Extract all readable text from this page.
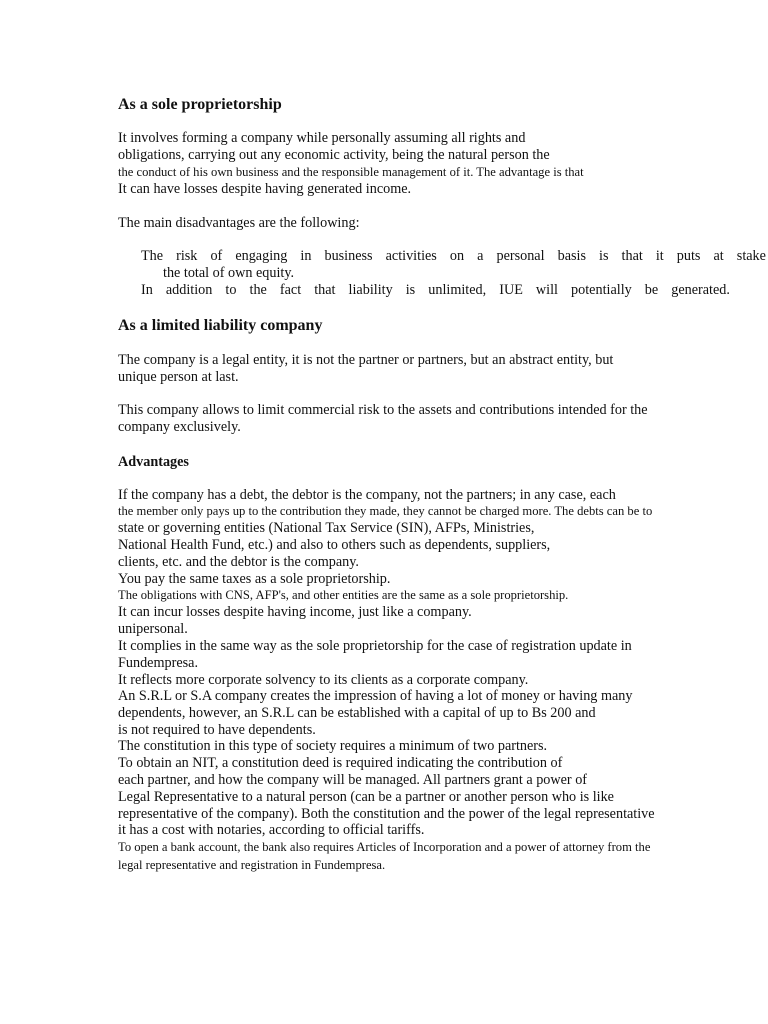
As a sole proprietorship
It involves forming a company while personally assuming all rights and
obligations, carrying out any economic activity, being the natural person the
the conduct of his own business and the responsible management of it. The advantage is that
It can have losses despite having generated income.
The main disadvantages are the following:
The risk of engaging in business activities on a personal basis is that it puts at stake
the total of own equity.
In addition to the fact that liability is unlimited, IUE will potentially be generated.
As a limited liability company
The company is a legal entity, it is not the partner or partners, but an abstract entity, but
unique person at last.
This company allows to limit commercial risk to the assets and contributions intended for the
company exclusively.
Advantages
If the company has a debt, the debtor is the company, not the partners; in any case, each
the member only pays up to the contribution they made, they cannot be charged more. The debts can be to
state or governing entities (National Tax Service (SIN), AFPs, Ministries,
National Health Fund, etc.) and also to others such as dependents, suppliers,
clients, etc. and the debtor is the company.
You pay the same taxes as a sole proprietorship.
The obligations with CNS, AFP's, and other entities are the same as a sole proprietorship.
It can incur losses despite having income, just like a company.
unipersonal.
It complies in the same way as the sole proprietorship for the case of registration update in
Fundempresa.
It reflects more corporate solvency to its clients as a corporate company.
An S.R.L or S.A company creates the impression of having a lot of money or having many
dependents, however, an S.R.L can be established with a capital of up to Bs 200 and
is not required to have dependents.
The constitution in this type of society requires a minimum of two partners.
To obtain an NIT, a constitution deed is required indicating the contribution of
each partner, and how the company will be managed. All partners grant a power of
Legal Representative to a natural person (can be a partner or another person who is like
representative of the company). Both the constitution and the power of the legal representative
it has a cost with notaries, according to official tariffs.
To open a bank account, the bank also requires Articles of Incorporation and a power of attorney from the
legal representative and registration in Fundempresa.
